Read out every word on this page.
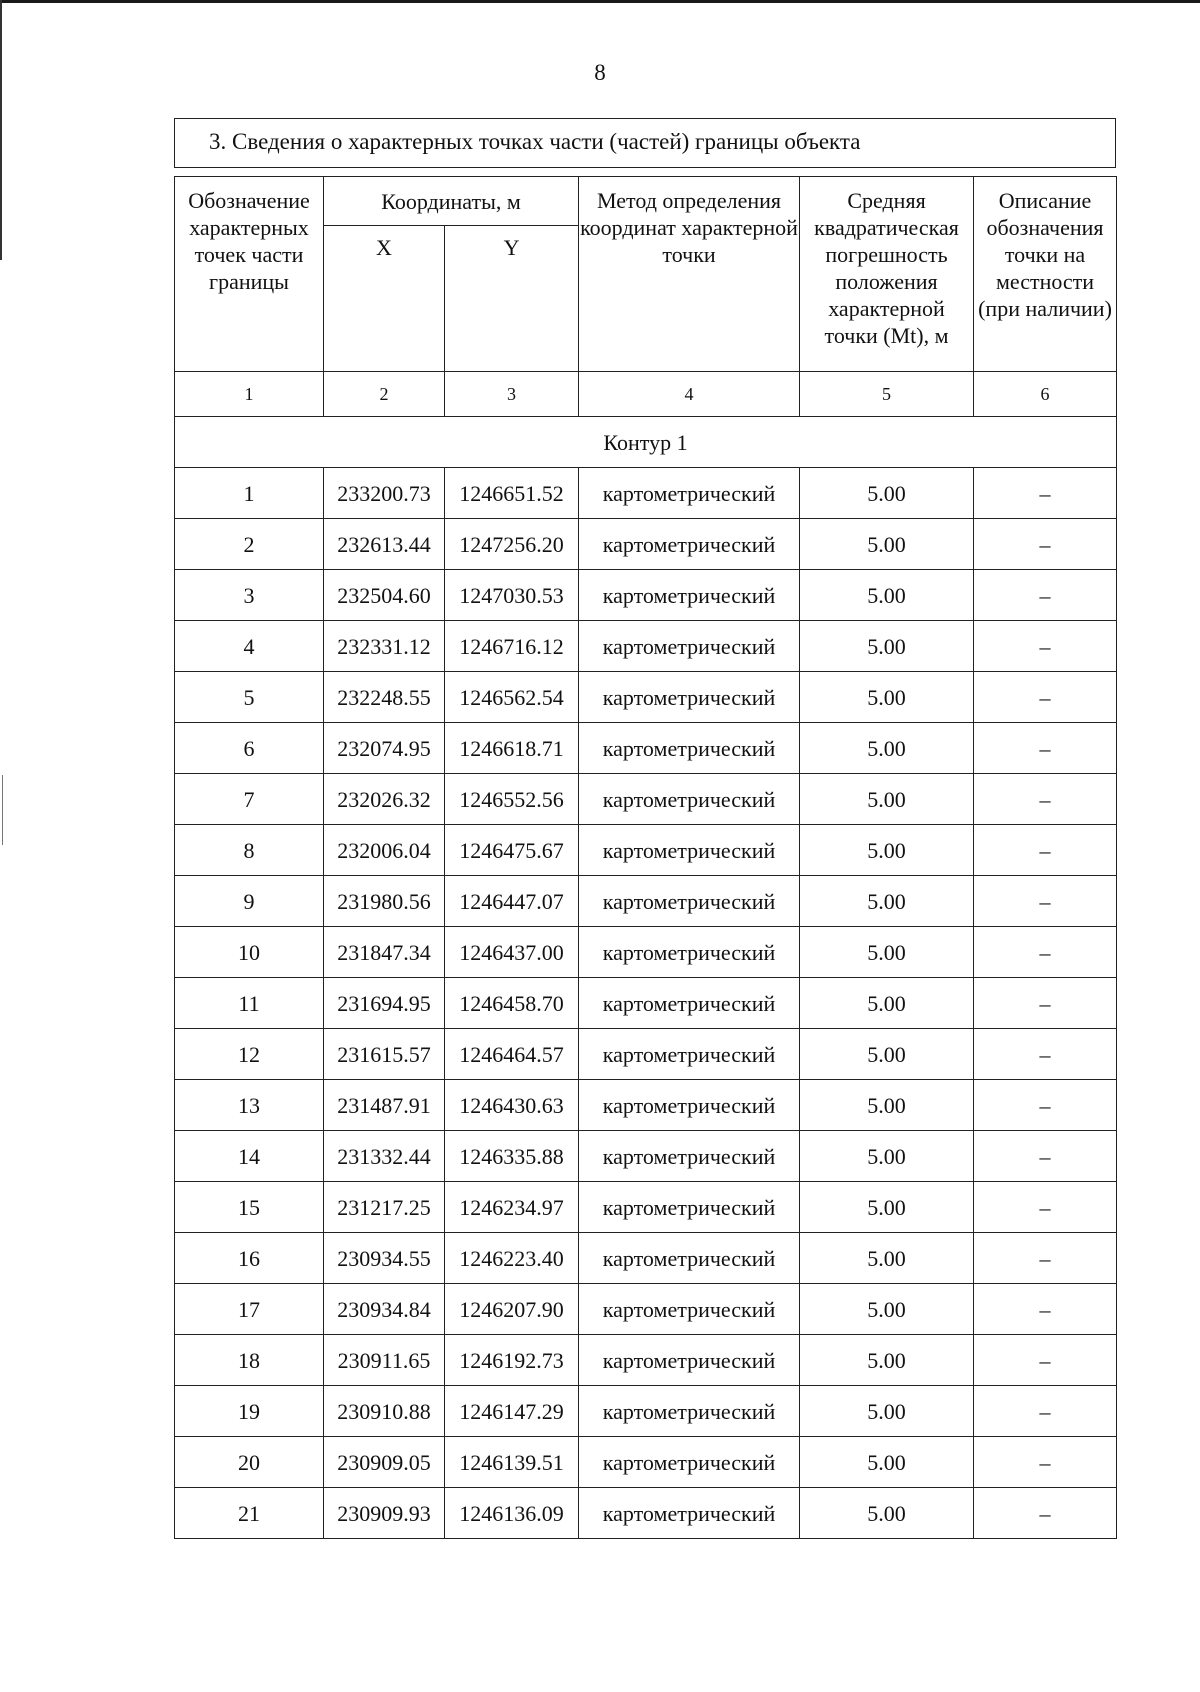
8
3. Сведения о характерных точках части (частей) границы объекта
Обозначение характерных точек части границы	Координаты, м		Метод определения координат характерной точки	Средняя квадратическая погрешность положения характерной точки (Mt), м	Описание обозначения точки на местности (при наличии)
	X	Y			
1	2	3	4	5	6
Контур 1					
1	233200.73	1246651.52	картометрический	5.00	–
2	232613.44	1247256.20	картометрический	5.00	–
3	232504.60	1247030.53	картометрический	5.00	–
4	232331.12	1246716.12	картометрический	5.00	–
5	232248.55	1246562.54	картометрический	5.00	–
6	232074.95	1246618.71	картометрический	5.00	–
7	232026.32	1246552.56	картометрический	5.00	–
8	232006.04	1246475.67	картометрический	5.00	–
9	231980.56	1246447.07	картометрический	5.00	–
10	231847.34	1246437.00	картометрический	5.00	–
11	231694.95	1246458.70	картометрический	5.00	–
12	231615.57	1246464.57	картометрический	5.00	–
13	231487.91	1246430.63	картометрический	5.00	–
14	231332.44	1246335.88	картометрический	5.00	–
15	231217.25	1246234.97	картометрический	5.00	–
16	230934.55	1246223.40	картометрический	5.00	–
17	230934.84	1246207.90	картометрический	5.00	–
18	230911.65	1246192.73	картометрический	5.00	–
19	230910.88	1246147.29	картометрический	5.00	–
20	230909.05	1246139.51	картометрический	5.00	–
21	230909.93	1246136.09	картометрический	5.00	–
